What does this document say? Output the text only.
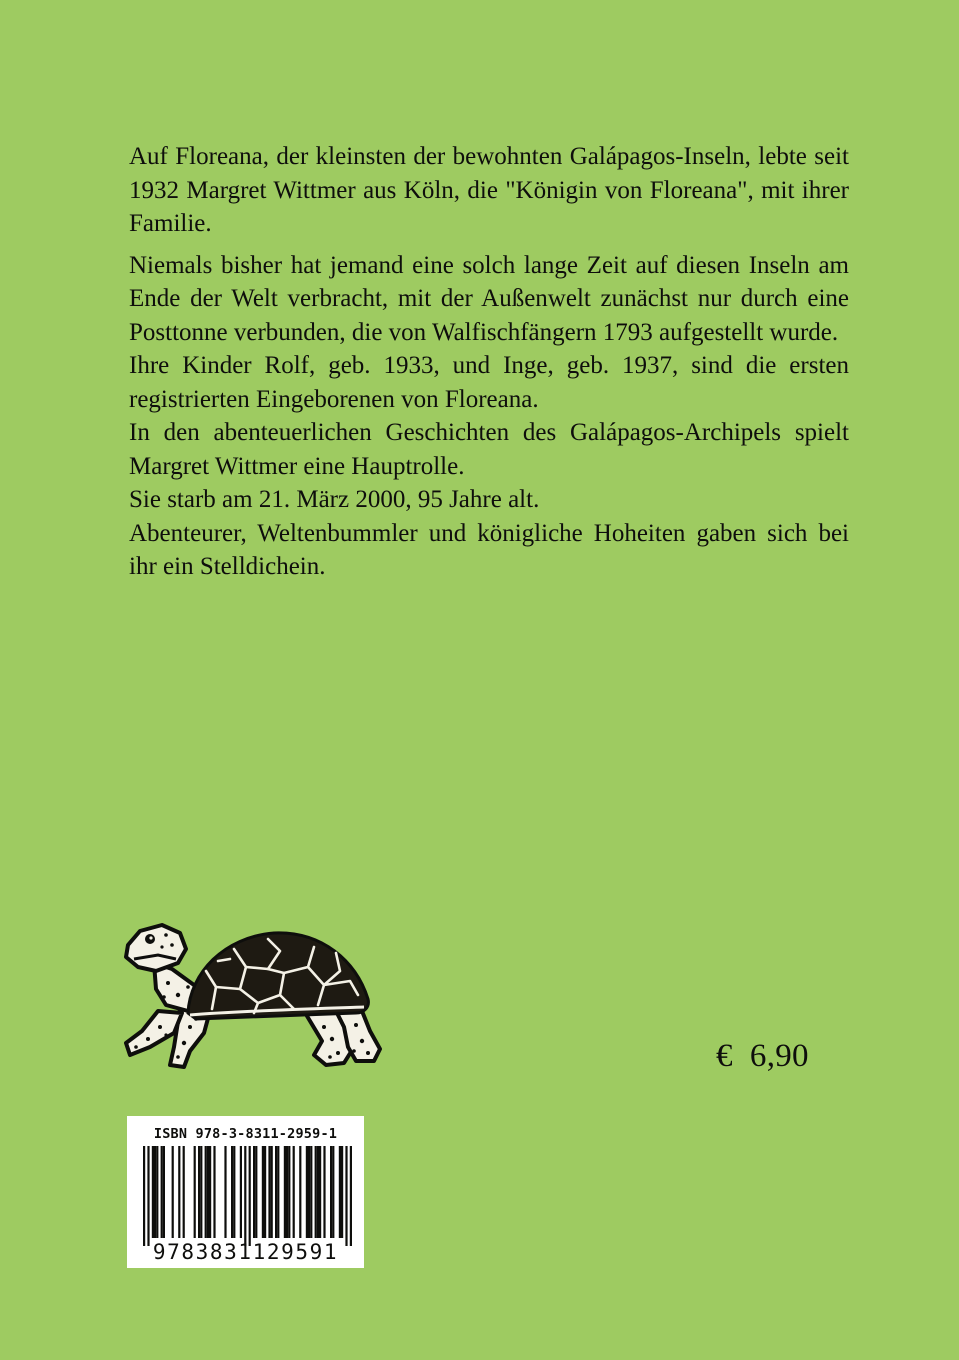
Auf Floreana, der kleinsten der bewohnten Galápagos-Inseln, lebte seit 1932 Margret Wittmer aus Köln, die "Königin von Floreana", mit ihrer Familie.

Niemals bisher hat jemand eine solch lange Zeit auf diesen Inseln am Ende der Welt verbracht, mit der Außenwelt zunächst nur durch eine Posttonne verbunden, die von Walfischfängern 1793 aufgestellt wurde.

Ihre Kinder Rolf, geb. 1933, und Inge, geb. 1937, sind die ersten registrierten Eingeborenen von Floreana.

In den abenteuerlichen Geschichten des Galápagos-Archipels spielt Margret Wittmer eine Hauptrolle.

Sie starb am 21. März 2000, 95 Jahre alt.

Abenteurer, Weltenbummler und königliche Hoheiten gaben sich bei ihr ein Stelldichein.

€  6,90
ISBN 978-3-8311-2959-1
9783831129591
